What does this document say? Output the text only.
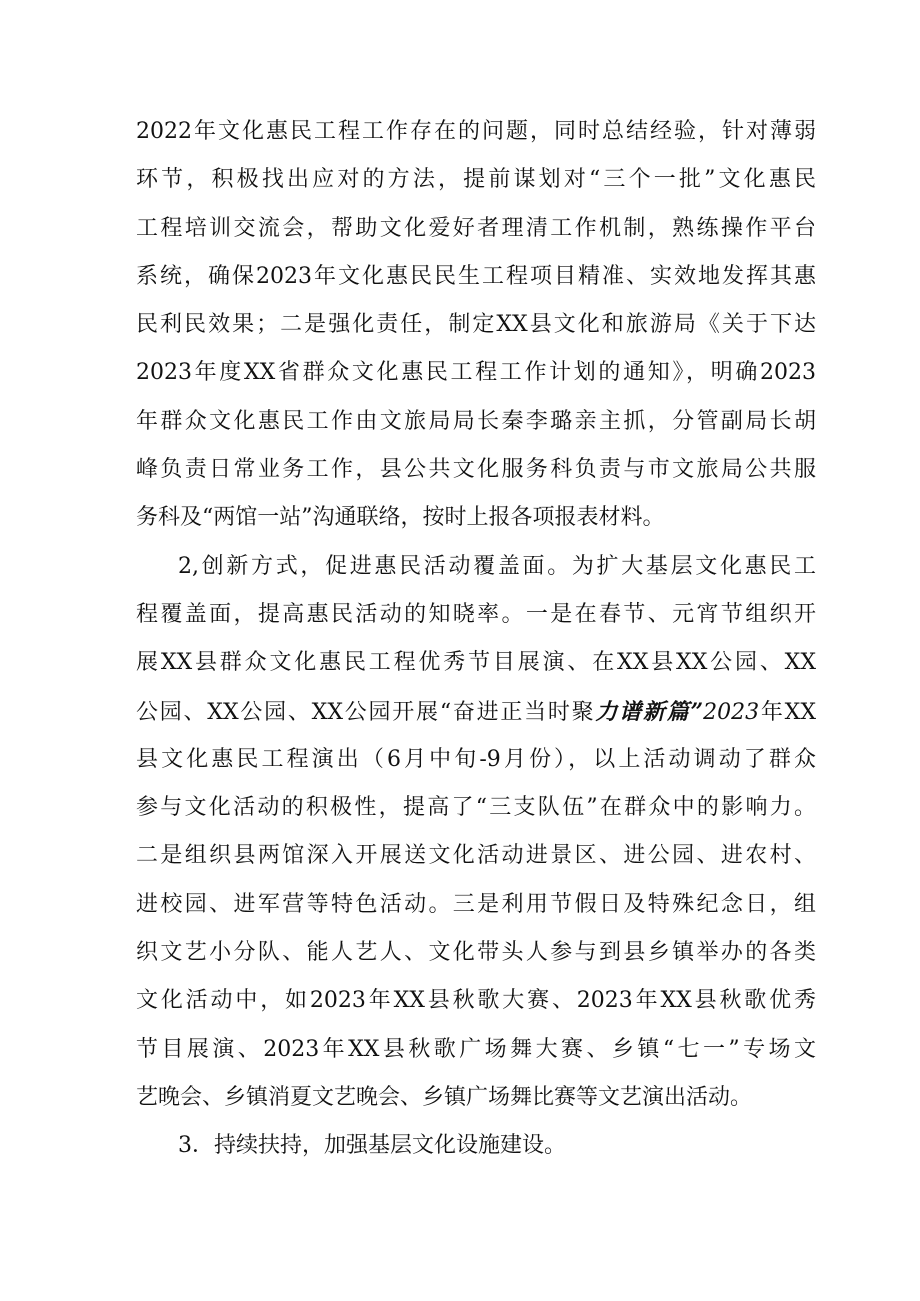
2022年文化惠民工程工作存在的问题，同时总结经验，针对薄弱
环节，积极找出应对的方法，提前谋划对“三个一批”文化惠民
工程培训交流会，帮助文化爱好者理清工作机制，熟练操作平台
系统，确保2023年文化惠民民生工程项目精准、实效地发挥其惠
民利民效果；二是强化责任，制定XX县文化和旅游局《关于下达
2023年度XX省群众文化惠民工程工作计划的通知》，明确2023
年群众文化惠民工作由文旅局局长秦李璐亲主抓，分管副局长胡
峰负责日常业务工作，县公共文化服务科负责与市文旅局公共服
务科及“两馆一站”沟通联络，按时上报各项报表材料。
2,创新方式，促进惠民活动覆盖面。为扩大基层文化惠民工
程覆盖面，提高惠民活动的知晓率。一是在春节、元宵节组织开
展XX县群众文化惠民工程优秀节目展演、在XX县XX公园、XX
公园、XX公园、XX公园开展“奋进正当时聚力谱新篇”2023年XX
县文化惠民工程演出（6月中旬-9月份），以上活动调动了群众
参与文化活动的积极性，提高了“三支队伍”在群众中的影响力。
二是组织县两馆深入开展送文化活动进景区、进公园、进农村、
进校园、进军营等特色活动。三是利用节假日及特殊纪念日，组
织文艺小分队、能人艺人、文化带头人参与到县乡镇举办的各类
文化活动中，如2023年XX县秋歌大赛、2023年XX县秋歌优秀
节目展演、2023年XX县秋歌广场舞大赛、乡镇“七一”专场文
艺晚会、乡镇消夏文艺晚会、乡镇广场舞比赛等文艺演出活动。
3．持续扶持，加强基层文化设施建设。
